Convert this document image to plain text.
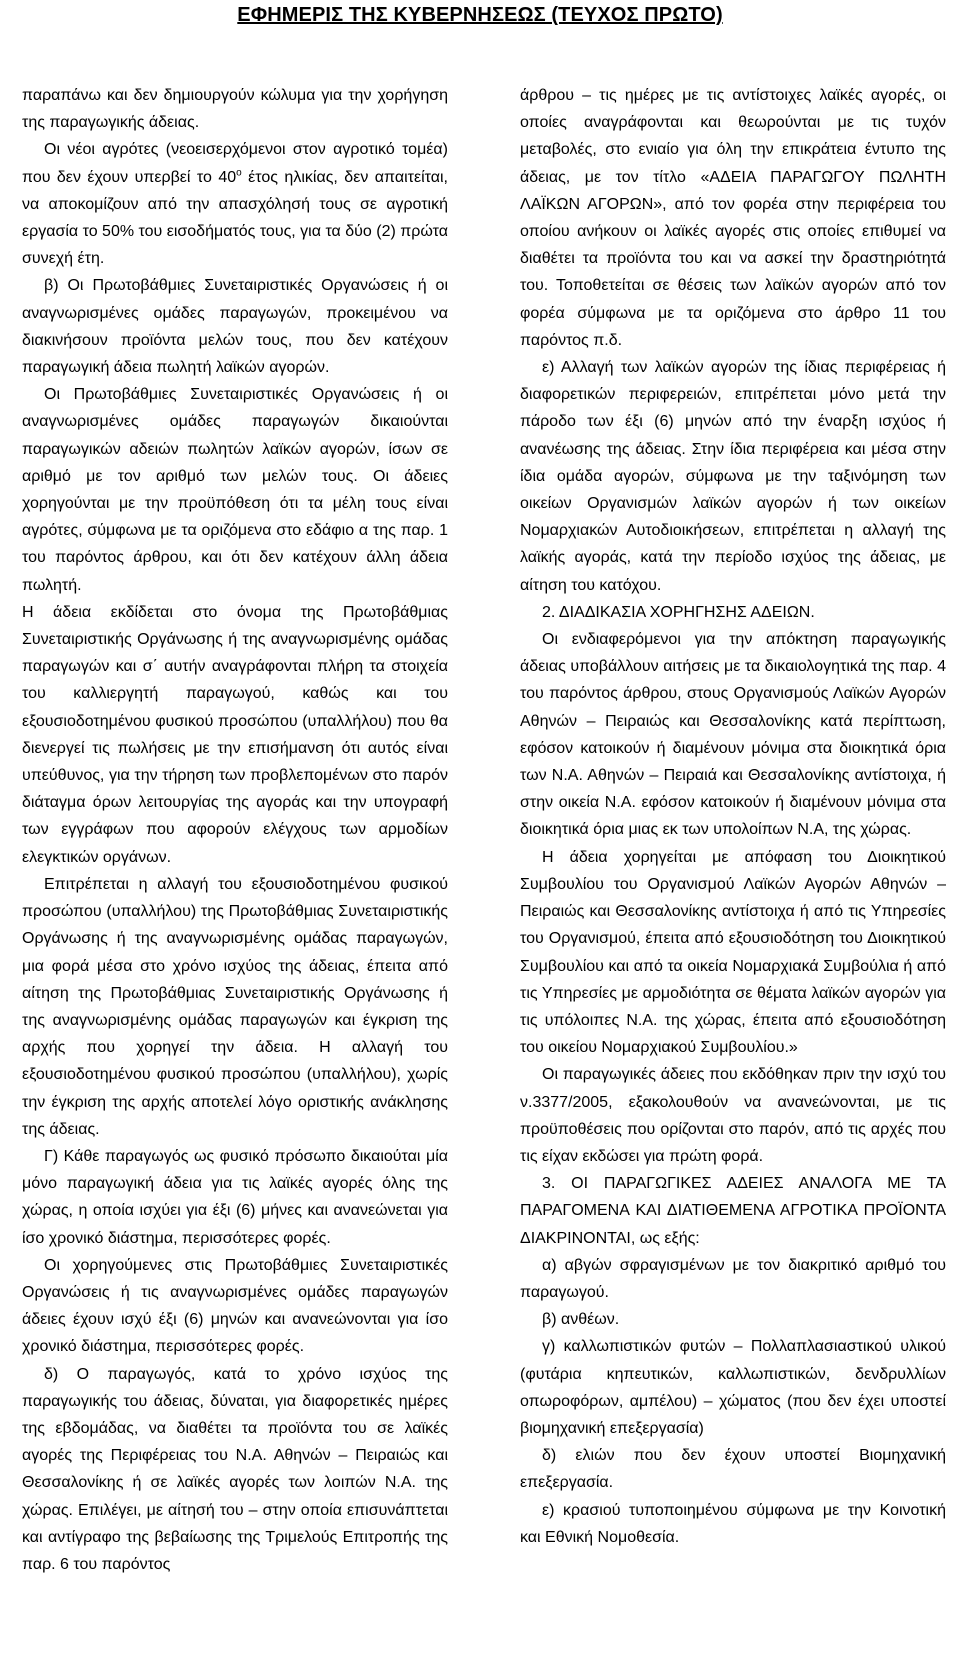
ΕΦΗΜΕΡΙΣ ΤΗΣ ΚΥΒΕΡΝΗΣΕΩΣ (ΤΕΥΧΟΣ ΠΡΩΤΟ)

παραπάνω και δεν δημιουργούν κώλυμα για την χορήγηση της παραγωγικής άδειας.

Οι νέοι αγρότες (νεοεισερχόμενοι στον αγροτικό τομέα) που δεν έχουν υπερβεί το $40^o$ έτος ηλικίας, δεν απαιτείται, να αποκομίζουν από την απασχόλησή τους σε αγροτική εργασία το 50% του εισοδήματός τους, για τα δύο (2) πρώτα συνεχή έτη.

β) Οι Πρωτοβάθμιες Συνεταιριστικές Οργανώσεις ή οι αναγνωρισμένες ομάδες παραγωγών, προκειμένου να διακινήσουν προϊόντα μελών τους, που δεν κατέχουν παραγωγική άδεια πωλητή λαϊκών αγορών.

Οι Πρωτοβάθμιες Συνεταιριστικές Οργανώσεις ή οι αναγνωρισμένες ομάδες παραγωγών δικαιούνται παραγωγικών αδειών πωλητών λαϊκών αγορών, ίσων σε αριθμό με τον αριθμό των μελών τους. Οι άδειες χορηγούνται με την προϋπόθεση ότι τα μέλη τους είναι αγρότες, σύμφωνα με τα οριζόμενα στο εδάφιο α της παρ. 1 του παρόντος άρθρου, και ότι δεν κατέχουν άλλη άδεια πωλητή.

Η άδεια εκδίδεται στο όνομα της Πρωτοβάθμιας Συνεταιριστικής Οργάνωσης ή της αναγνωρισμένης ομάδας παραγωγών και σ΄ αυτήν αναγράφονται πλήρη τα στοιχεία του καλλιεργητή παραγωγού, καθώς και του εξουσιοδοτημένου φυσικού προσώπου (υπαλλήλου) που θα διενεργεί τις πωλήσεις με την επισήμανση ότι αυτός είναι υπεύθυνος, για την τήρηση των προβλεπομένων στο παρόν διάταγμα όρων λειτουργίας της αγοράς και την υπογραφή των εγγράφων που αφορούν ελέγχους των αρμοδίων ελεγκτικών οργάνων.

Επιτρέπεται η αλλαγή του εξουσιοδοτημένου φυσικού προσώπου (υπαλλήλου) της Πρωτοβάθμιας Συνεταιριστικής Οργάνωσης ή της αναγνωρισμένης ομάδας παραγωγών, μια φορά μέσα στο χρόνο ισχύος της άδειας, έπειτα από αίτηση της Πρωτοβάθμιας Συνεταιριστικής Οργάνωσης ή της αναγνωρισμένης ομάδας παραγωγών και έγκριση της αρχής που χορηγεί την άδεια. Η αλλαγή του εξουσιοδοτημένου φυσικού προσώπου (υπαλλήλου), χωρίς την έγκριση της αρχής αποτελεί λόγο οριστικής ανάκλησης της άδειας.

Γ) Κάθε παραγωγός ως φυσικό πρόσωπο δικαιούται μία μόνο παραγωγική άδεια για τις λαϊκές αγορές όλης της χώρας, η οποία ισχύει για έξι (6) μήνες και ανανεώνεται για ίσο χρονικό διάστημα, περισσότερες φορές.

Οι χορηγούμενες στις Πρωτοβάθμιες Συνεταιριστικές Οργανώσεις ή τις αναγνωρισμένες ομάδες παραγωγών άδειες έχουν ισχύ έξι (6) μηνών και ανανεώνονται για ίσο χρονικό διάστημα, περισσότερες φορές.

δ) Ο παραγωγός, κατά το χρόνο ισχύος της παραγωγικής του άδειας, δύναται, για διαφορετικές ημέρες της εβδομάδας, να διαθέτει τα προϊόντα του σε λαϊκές αγορές της Περιφέρειας του Ν.Α. Αθηνών – Πειραιώς και Θεσσαλονίκης ή σε λαϊκές αγορές των λοιπών Ν.Α. της χώρας. Επιλέγει, με αίτησή του – στην οποία επισυνάπτεται και αντίγραφο της βεβαίωσης της Τριμελούς Επιτροπής της παρ. 6 του παρόντος

άρθρου – τις ημέρες με τις αντίστοιχες λαϊκές αγορές, οι οποίες αναγράφονται και θεωρούνται με τις τυχόν μεταβολές, στο ενιαίο για όλη την επικράτεια έντυπο της άδειας, με τον τίτλο «ΑΔΕΙΑ ΠΑΡΑΓΩΓΟΥ ΠΩΛΗΤΗ ΛΑΪΚΩΝ ΑΓΟΡΩΝ», από τον φορέα στην περιφέρεια του οποίου ανήκουν οι λαϊκές αγορές στις οποίες επιθυμεί να διαθέτει τα προϊόντα του και να ασκεί την δραστηριότητά του. Τοποθετείται σε θέσεις των λαϊκών αγορών από τον φορέα σύμφωνα με τα οριζόμενα στο άρθρο 11 του παρόντος π.δ.

ε) Αλλαγή των λαϊκών αγορών της ίδιας περιφέρειας ή διαφορετικών περιφερειών, επιτρέπεται μόνο μετά την πάροδο των έξι (6) μηνών από την έναρξη ισχύος ή ανανέωσης της άδειας. Στην ίδια περιφέρεια και μέσα στην ίδια ομάδα αγορών, σύμφωνα με την ταξινόμηση των οικείων Οργανισμών λαϊκών αγορών ή των οικείων Νομαρχιακών Αυτοδιοικήσεων, επιτρέπεται η αλλαγή της λαϊκής αγοράς, κατά την περίοδο ισχύος της άδειας, με αίτηση του κατόχου.

2. ΔΙΑΔΙΚΑΣΙΑ ΧΟΡΗΓΗΣΗΣ ΑΔΕΙΩΝ.

Οι ενδιαφερόμενοι για την απόκτηση παραγωγικής άδειας υποβάλλουν αιτήσεις με τα δικαιολογητικά της παρ. 4 του παρόντος άρθρου, στους Οργανισμούς Λαϊκών Αγορών Αθηνών – Πειραιώς και Θεσσαλονίκης κατά περίπτωση, εφόσον κατοικούν ή διαμένουν μόνιμα στα διοικητικά όρια των Ν.Α. Αθηνών – Πειραιά και Θεσσαλονίκης αντίστοιχα, ή στην οικεία Ν.Α. εφόσον κατοικούν ή διαμένουν μόνιμα στα διοικητικά όρια μιας εκ των υπολοίπων Ν.Α, της χώρας.

Η άδεια χορηγείται με απόφαση του Διοικητικού Συμβουλίου του Οργανισμού Λαϊκών Αγορών Αθηνών – Πειραιώς και Θεσσαλονίκης αντίστοιχα ή από τις Υπηρεσίες του Οργανισμού, έπειτα από εξουσιοδότηση του Διοικητικού Συμβουλίου και από τα οικεία Νομαρχιακά Συμβούλια ή από τις Υπηρεσίες με αρμοδιότητα σε θέματα λαϊκών αγορών για τις υπόλοιπες Ν.Α. της χώρας, έπειτα από εξουσιοδότηση του οικείου Νομαρχιακού Συμβουλίου.»

Οι παραγωγικές άδειες που εκδόθηκαν πριν την ισχύ του ν.3377/2005, εξακολουθούν να ανανεώνονται, με τις προϋποθέσεις που ορίζονται στο παρόν, από τις αρχές που τις είχαν εκδώσει για πρώτη φορά.

3. ΟΙ ΠΑΡΑΓΩΓΙΚΕΣ ΑΔΕΙΕΣ ΑΝΑΛΟΓΑ ΜΕ ΤΑ ΠΑΡΑΓΟΜΕΝΑ ΚΑΙ ΔΙΑΤΙΘΕΜΕΝΑ ΑΓΡΟΤΙΚΑ ΠΡΟΪΟΝΤΑ ΔΙΑΚΡΙΝΟΝΤΑΙ, ως εξής:

α) αβγών σφραγισμένων με τον διακριτικό αριθμό του παραγωγού.

β) ανθέων.

γ) καλλωπιστικών φυτών – Πολλαπλασιαστικού υλικού (φυτάρια κηπευτικών, καλλωπιστικών, δενδρυλλίων οπωροφόρων, αμπέλου) – χώματος (που δεν έχει υποστεί βιομηχανική επεξεργασία)

δ) ελιών που δεν έχουν υποστεί Βιομηχανική επεξεργασία.

ε) κρασιού τυποποιημένου σύμφωνα με την Κοινοτική και Εθνική Νομοθεσία.
